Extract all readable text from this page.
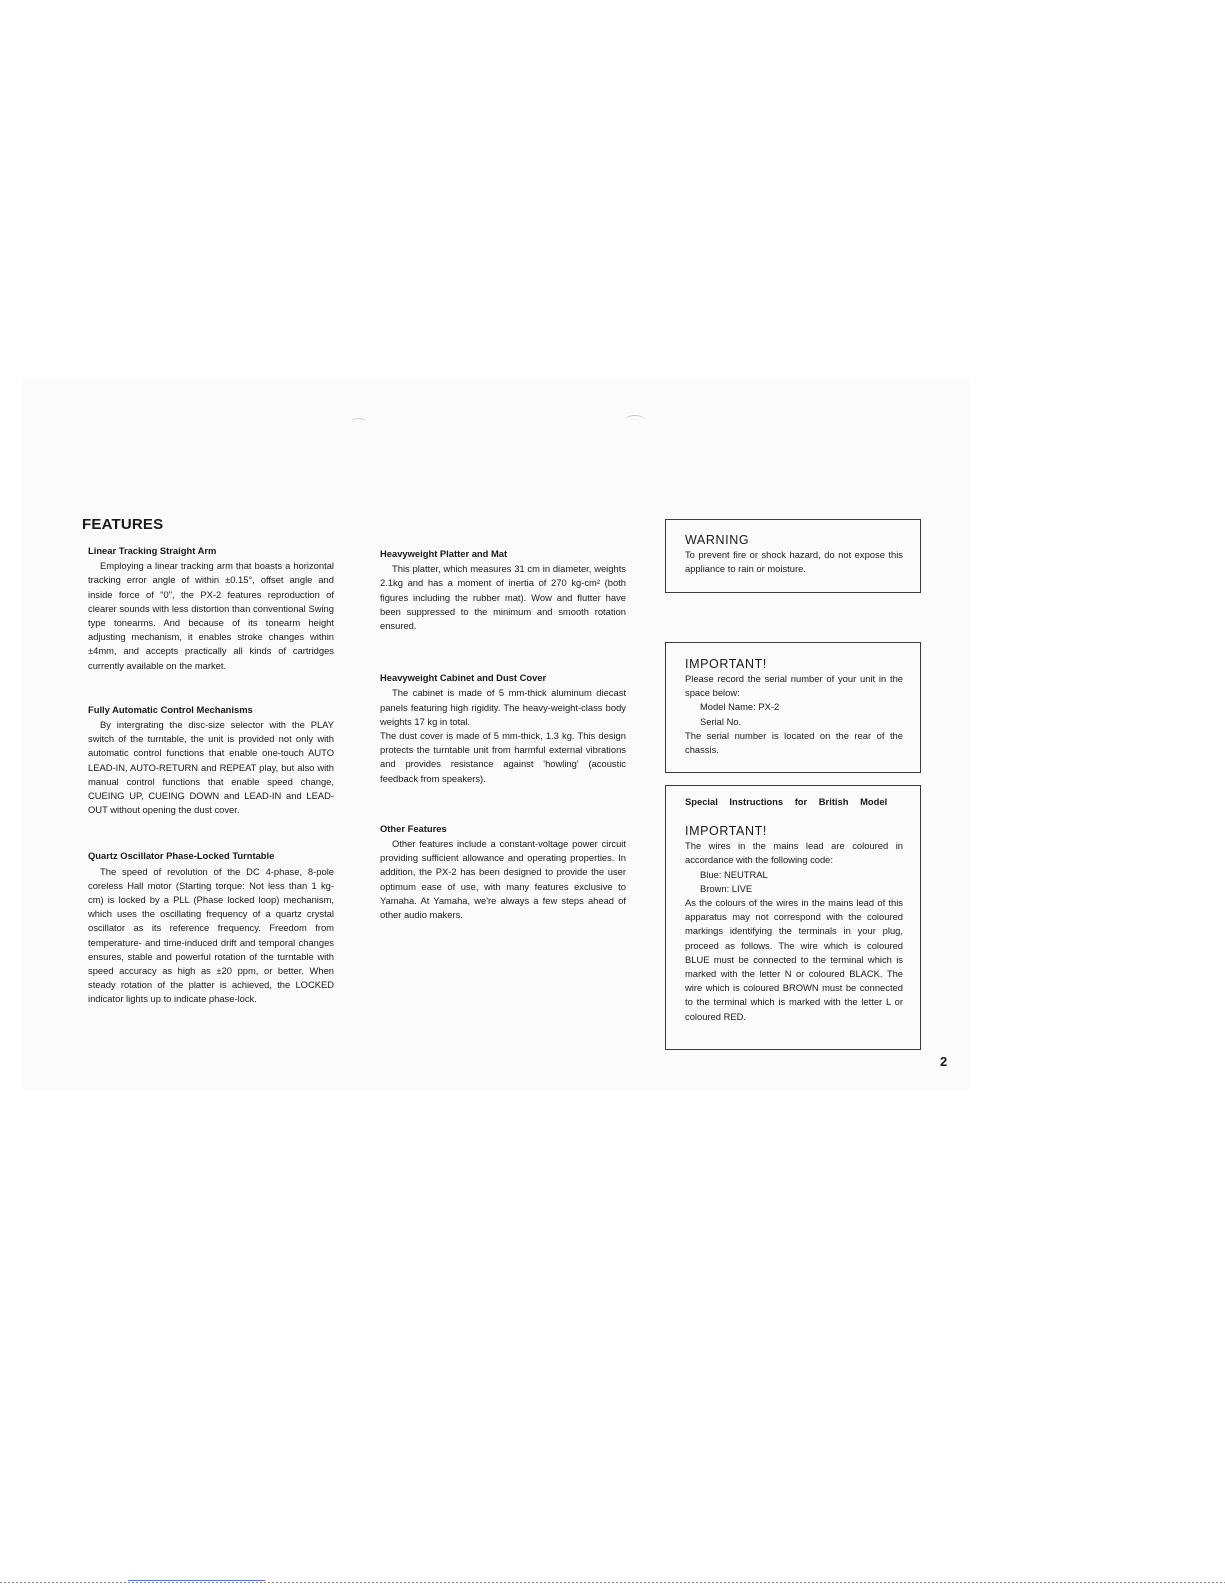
FEATURES
Linear Tracking Straight Arm

Employing a linear tracking arm that boasts a horizontal tracking error angle of within ±0.15°, offset angle and inside force of "0", the PX-2 features reproduction of clearer sounds with less distortion than conventional Swing type tonearms. And because of its tonearm height adjusting mechanism, it enables stroke changes within ±4mm, and accepts practically all kinds of cartridges currently available on the market.

Fully Automatic Control Mechanisms

By intergrating the disc-size selector with the PLAY switch of the turntable, the unit is provided not only with automatic control functions that enable one-touch AUTO LEAD-IN, AUTO-RETURN and REPEAT play, but also with manual control functions that enable speed change, CUEING UP, CUEING DOWN and LEAD-IN and LEAD-OUT without opening the dust cover.

Quartz Oscillator Phase-Locked Turntable

The speed of revolution of the DC 4-phase, 8-pole coreless Hall motor (Starting torque: Not less than 1 kg-cm) is locked by a PLL (Phase locked loop) mechanism, which uses the oscillating frequency of a quartz crystal oscillator as its reference frequency. Freedom from temperature- and time-induced drift and temporal changes ensures, stable and powerful rotation of the turntable with speed accuracy as high as ±20 ppm, or better. When steady rotation of the platter is achieved, the LOCKED indicator lights up to indicate phase-lock.

Heavyweight Platter and Mat

This platter, which measures 31 cm in diameter, weights 2.1kg and has a moment of inertia of 270 kg-cm² (both figures including the rubber mat). Wow and flutter have been suppressed to the minimum and smooth rotation ensured.

Heavyweight Cabinet and Dust Cover

The cabinet is made of 5 mm-thick aluminum diecast panels featuring high rigidity. The heavy-weight-class body weights 17 kg in total.

The dust cover is made of 5 mm-thick, 1.3 kg. This design protects the turntable unit from harmful external vibrations and provides resistance against 'howling' (acoustic feedback from speakers).

Other Features

Other features include a constant-voltage power circuit providing sufficient allowance and operating properties. In addition, the PX-2 has been designed to provide the user optimum ease of use, with many features exclusive to Yamaha. At Yamaha, we're always a few steps ahead of other audio makers.

WARNING

To prevent fire or shock hazard, do not expose this appliance to rain or moisture.

IMPORTANT!

Please record the serial number of your unit in the space below:

Model Name: PX-2

Serial No.

The serial number is located on the rear of the chassis.

Special Instructions for British Model

IMPORTANT!

The wires in the mains lead are coloured in accordance with the following code:

Blue: NEUTRAL

Brown: LIVE

As the colours of the wires in the mains lead of this apparatus may not correspond with the coloured markings identifying the terminals in your plug, proceed as follows. The wire which is coloured BLUE must be connected to the terminal which is marked with the letter N or coloured BLACK. The wire which is coloured BROWN must be connected to the terminal which is marked with the letter L or coloured RED.

2
